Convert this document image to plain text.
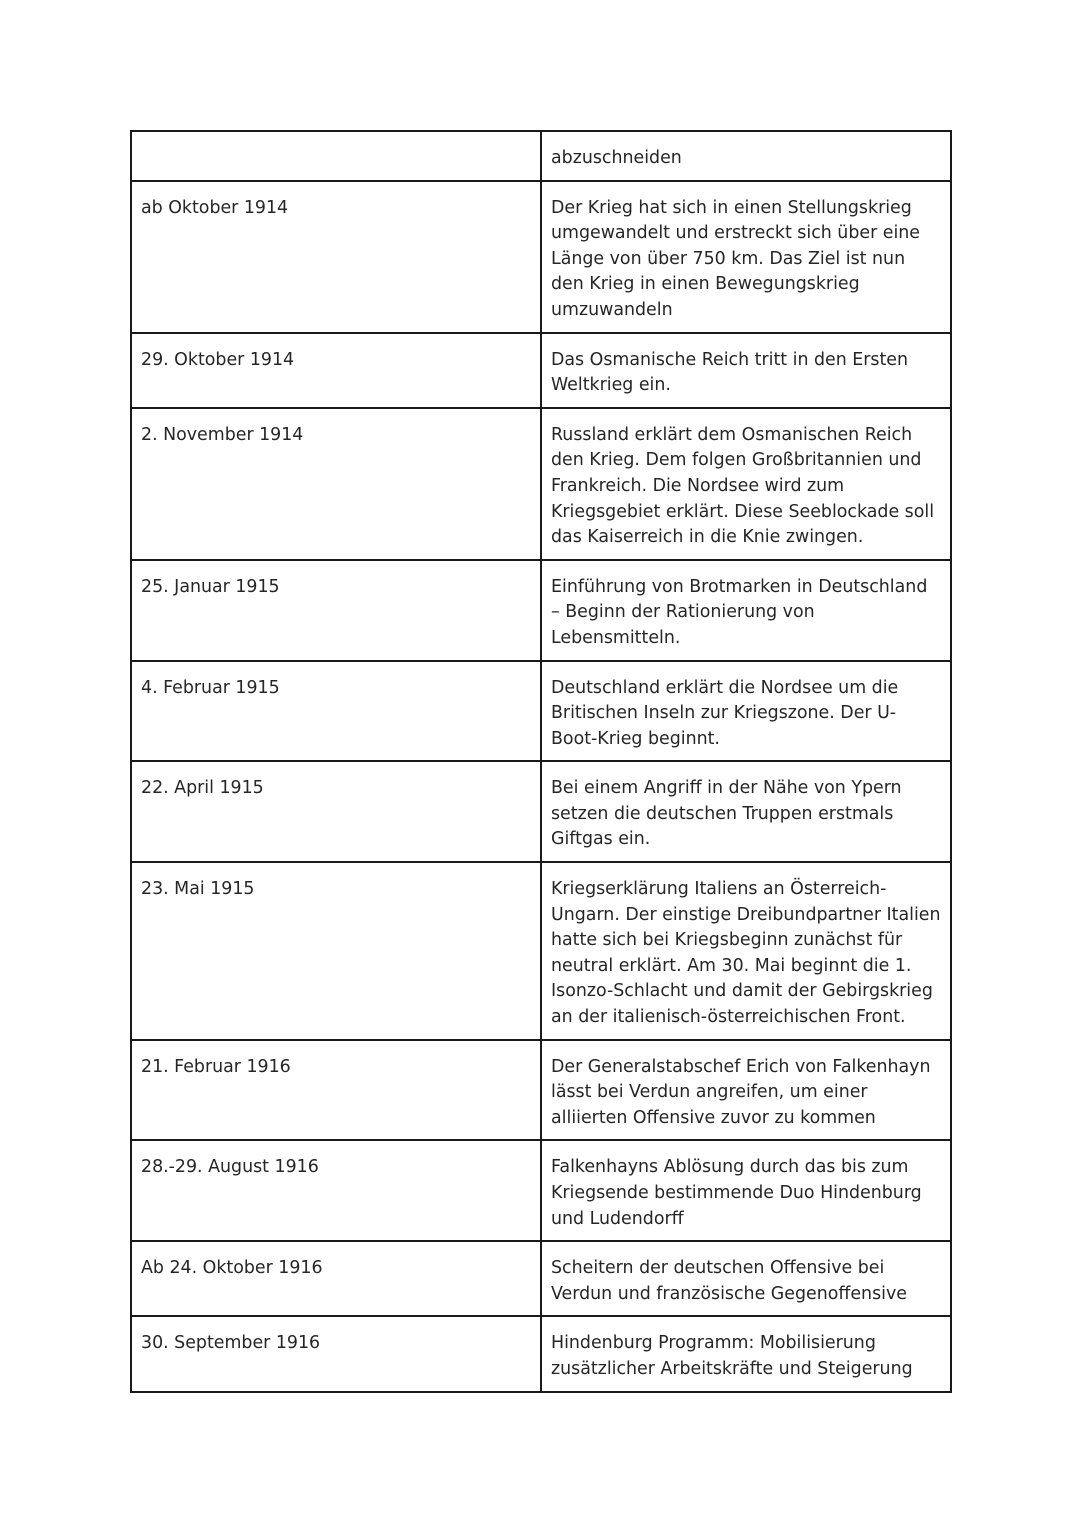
	abzuschneiden

ab Oktober 1914	Der Krieg hat sich in einen Stellungskrieg umgewandelt und erstreckt sich über eine Länge von über 750 km. Das Ziel ist nun den Krieg in einen Bewegungskrieg umzuwandeln

29. Oktober 1914	Das Osmanische Reich tritt in den Ersten Weltkrieg ein.

2. November 1914	Russland erklärt dem Osmanischen Reich den Krieg. Dem folgen Großbritannien und Frankreich. Die Nordsee wird zum Kriegsgebiet erklärt. Diese Seeblockade soll das Kaiserreich in die Knie zwingen.

25. Januar 1915	Einführung von Brotmarken in Deutschland – Beginn der Rationierung von Lebensmitteln.

4. Februar 1915	Deutschland erklärt die Nordsee um die Britischen Inseln zur Kriegszone. Der U-Boot-Krieg beginnt.

22. April 1915	Bei einem Angriff in der Nähe von Ypern setzen die deutschen Truppen erstmals Giftgas ein.

23. Mai 1915	Kriegserklärung Italiens an Österreich-Ungarn. Der einstige Dreibundpartner Italien hatte sich bei Kriegsbeginn zunächst für neutral erklärt. Am 30. Mai beginnt die 1. Isonzo-Schlacht und damit der Gebirgskrieg an der italienisch-österreichischen Front.

21. Februar 1916	Der Generalstabschef Erich von Falkenhayn lässt bei Verdun angreifen, um einer alliierten Offensive zuvor zu kommen

28.-29. August 1916	Falkenhayns Ablösung durch das bis zum Kriegsende bestimmende Duo Hindenburg und Ludendorff

Ab 24. Oktober 1916	Scheitern der deutschen Offensive bei Verdun und französische Gegenoffensive

30. September 1916	Hindenburg Programm: Mobilisierung zusätzlicher Arbeitskräfte und Steigerung
